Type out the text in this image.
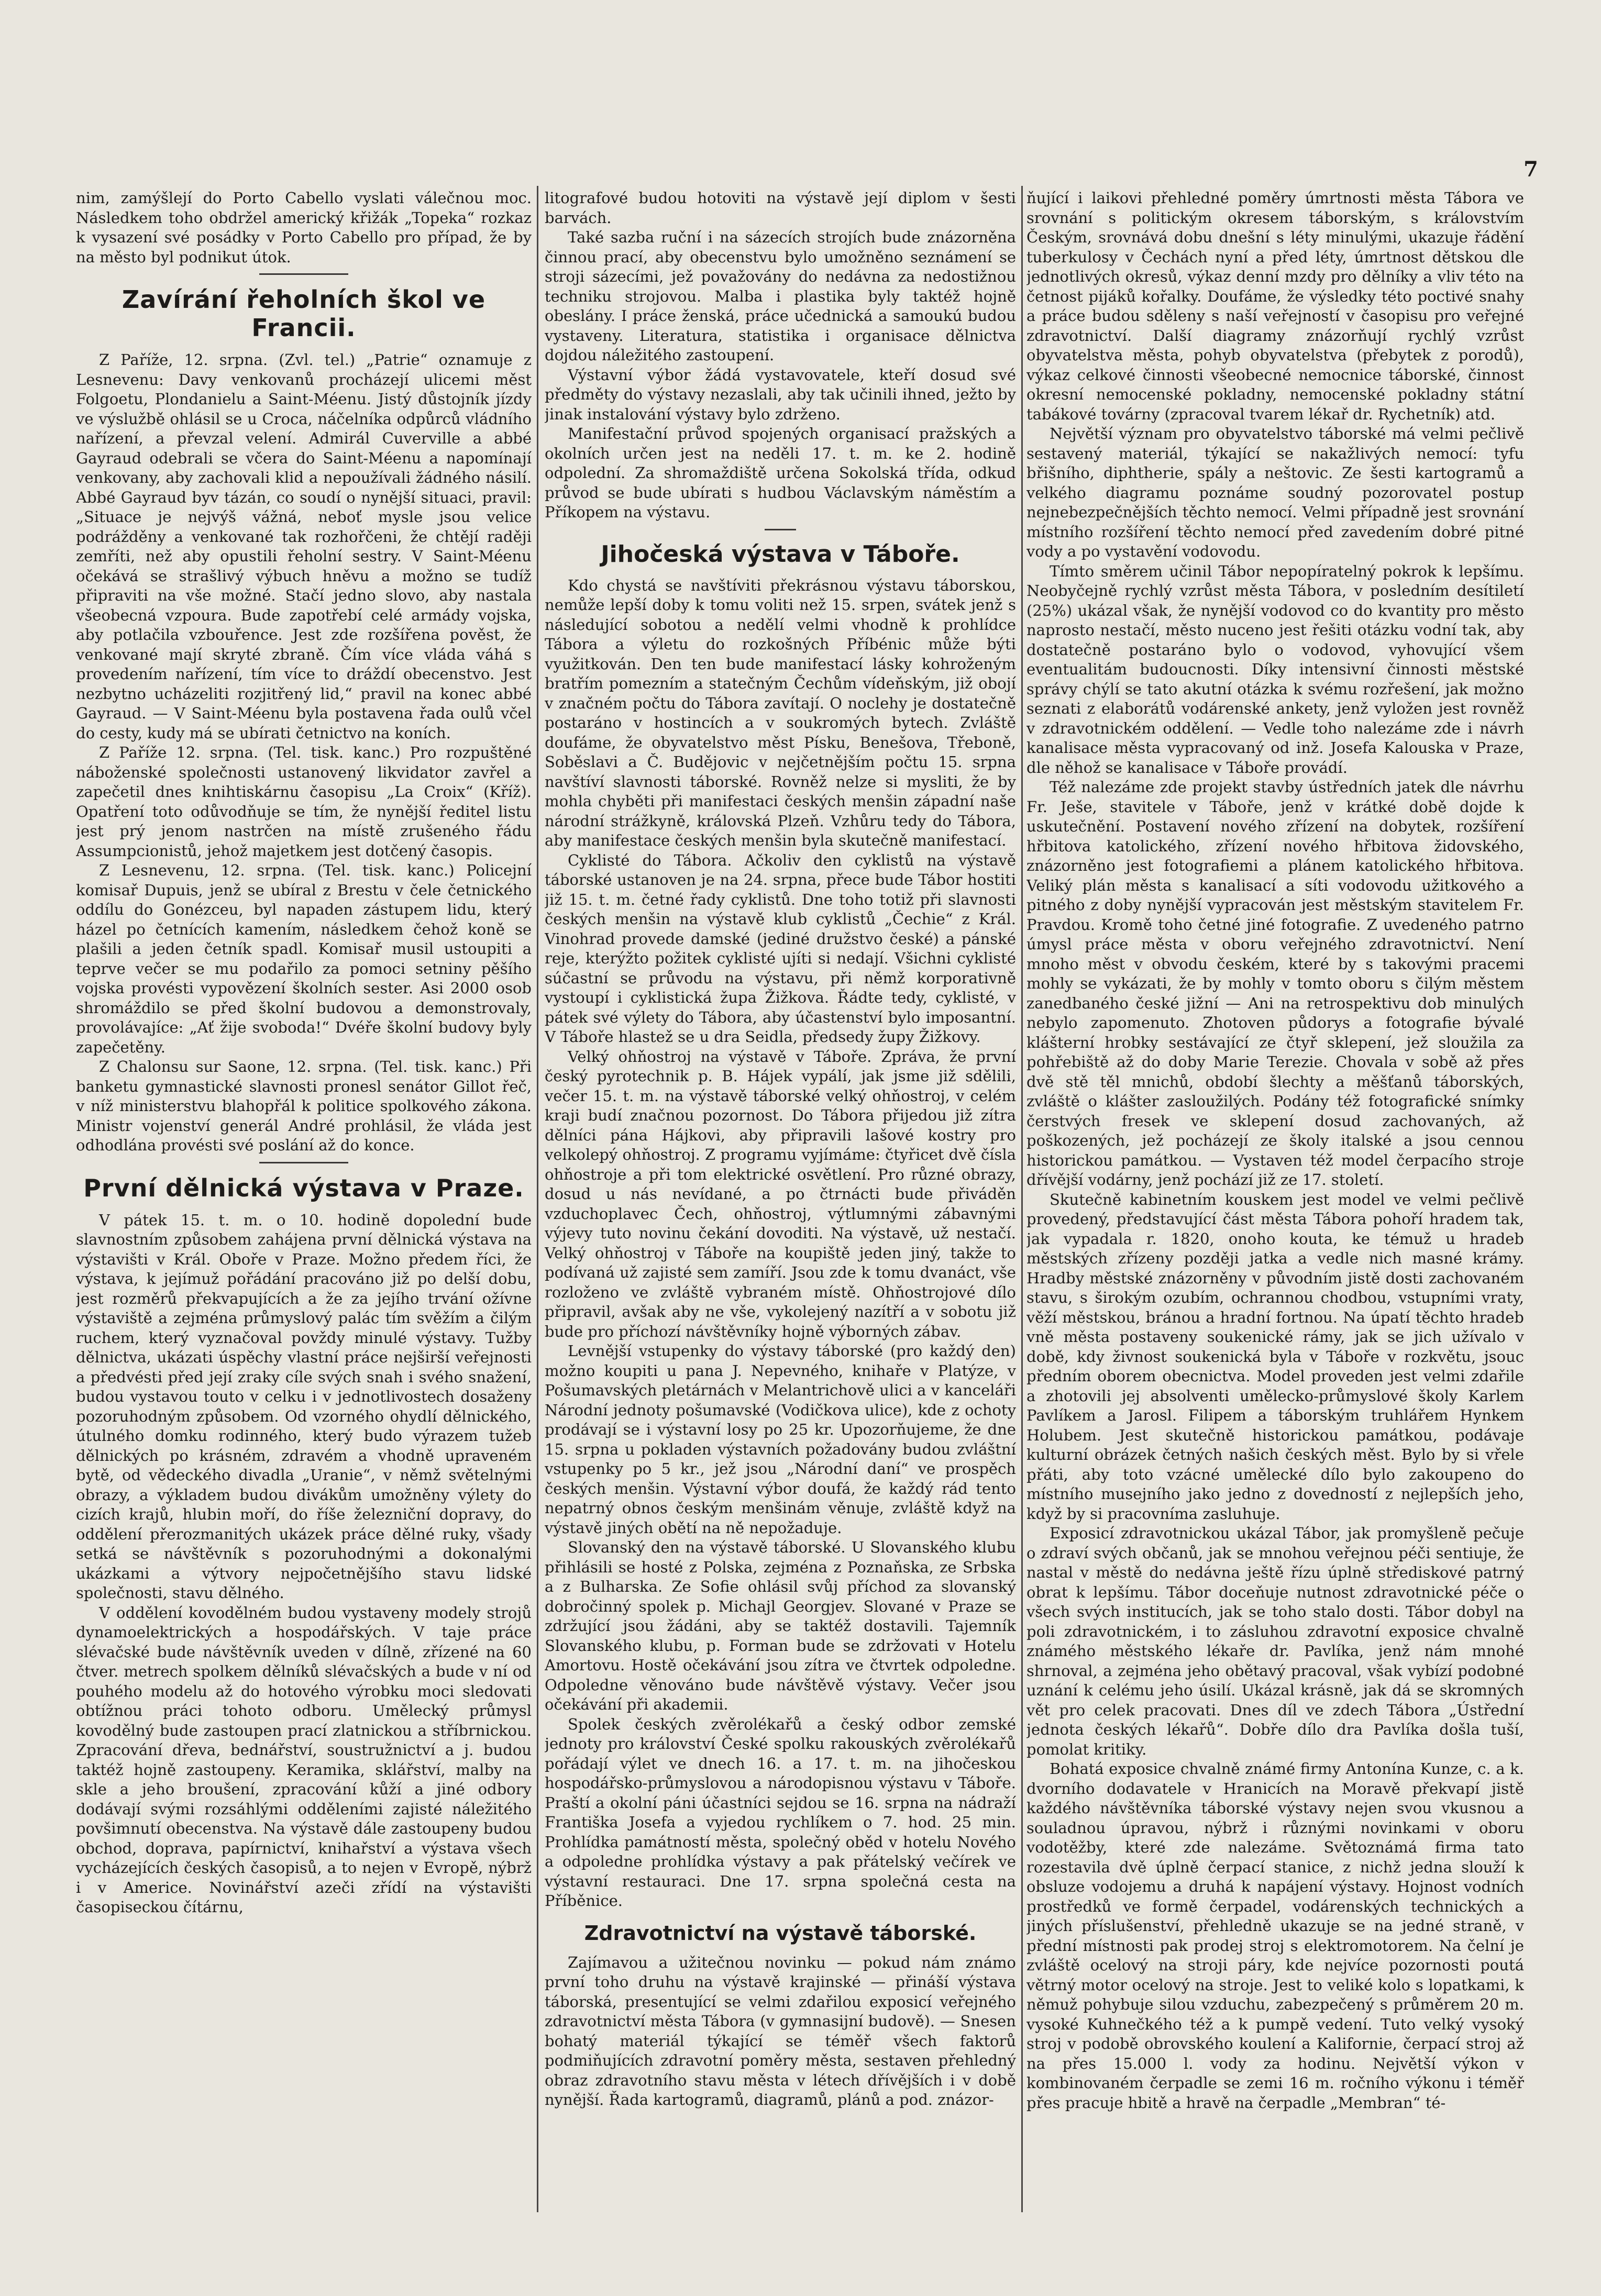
7

nim, zamýšlejí do Porto Cabello vyslati válečnou moc. Následkem toho obdržel americký křižák „Topeka“ rozkaz k vysazení své posádky v Porto Cabello pro případ, že by na město byl podnikut útok.

Zavírání řeholních škol ve Francii.

Z Paříže, 12. srpna. (Zvl. tel.) „Patrie“ oznamuje z Lesnevenu: Davy venkovanů procházejí ulicemi měst Folgoetu, Plondanielu a Saint-Méenu. Jistý důstojník jízdy ve výslužbě ohlásil se u Croca, náčelníka odpůrců vládního nařízení, a převzal velení. Admirál Cuverville a abbé Gayraud odebrali se včera do Saint-Méenu a napomínají venkovany, aby zachovali klid a nepoužívali žádného násilí. Abbé Gayraud byv tázán, co soudí o nynější situaci, pravil: „Situace je nejvýš vážná, neboť mysle jsou velice podrážděny a venkované tak rozhořčeni, že chtějí raději zemříti, než aby opustili řeholní sestry. V Saint-Méenu očekává se strašlivý výbuch hněvu a možno se tudíž připraviti na vše možné. Stačí jedno slovo, aby nastala všeobecná vzpoura. Bude zapotřebí celé armády vojska, aby potlačila vzbouřence. Jest zde rozšířena pověst, že venkované mají skryté zbraně. Čím více vláda váhá s provedením nařízení, tím více to dráždí obecenstvo. Jest nezbytno ucházeliti rozjitřený lid,“ pravil na konec abbé Gayraud. — V Saint-Méenu byla postavena řada oulů včel do cesty, kudy má se ubírati četnictvo na koních.

Z Paříže 12. srpna. (Tel. tisk. kanc.) Pro rozpuštěné náboženské společnosti ustanovený likvidator zavřel a zapečetil dnes knihtiskárnu časopisu „La Croix“ (Kříž). Opatření toto odůvodňuje se tím, že nynější ředitel listu jest prý jenom nastrčen na místě zrušeného řádu Assumpcionistů, jehož majetkem jest dotčený časopis.

Z Lesnevenu, 12. srpna. (Tel. tisk. kanc.) Policejní komisař Dupuis, jenž se ubíral z Brestu v čele četnického oddílu do Gonézceu, byl napaden zástupem lidu, který házel po četnících kamením, následkem čehož koně se plašili a jeden četník spadl. Komisař musil ustoupiti a teprve večer se mu podařilo za pomoci setniny pěšího vojska provésti vypovězení školních sester. Asi 2000 osob shromáždilo se před školní budovou a demonstrovaly, provolávajíce: „Ať žije svoboda!“ Dvéře školní budovy byly zapečetěny.

Z Chalonsu sur Saone, 12. srpna. (Tel. tisk. kanc.) Při banketu gymnastické slavnosti pronesl senátor Gillot řeč, v níž ministerstvu blahopřál k politice spolkového zákona. Ministr vojenství generál André prohlásil, že vláda jest odhodlána provésti své poslání až do konce.

První dělnická výstava v Praze.

V pátek 15. t. m. o 10. hodině dopolední bude slavnostním způsobem zahájena první dělnická výstava na výstavišti v Král. Oboře v Praze. Možno předem říci, že výstava, k jejímuž pořádání pracováno již po delší dobu, jest rozměrů překvapujících a že za jejího trvání ožívne výstaviště a zejména průmyslový palác tím svěžím a čilým ruchem, který vyznačoval povždy minulé výstavy. Tužby dělnictva, ukázati úspěchy vlastní práce nejširší veřejnosti a předvésti před její zraky cíle svých snah i svého snažení, budou vystavou touto v celku i v jednotlivostech dosaženy pozoruhodným způsobem. Od vzorného ohydlí dělnického, útulného domku rodinného, který budo výrazem tužeb dělnických po krásném, zdravém a vhodně upraveném bytě, od vědeckého divadla „Uranie“, v němž světelnými obrazy, a výkladem budou divákům umožněny výlety do cizích krajů, hlubin moří, do říše železniční dopravy, do oddělení přerozmanitých ukázek práce dělné ruky, všady setká se návštěvník s pozoruhodnými a dokonalými ukázkami a výtvory nejpočetnějšího stavu lidské společnosti, stavu dělného.

V oddělení kovodělném budou vystaveny modely strojů dynamoelektrických a hospodářských. V taje práce slévačské bude návštěvník uveden v dílně, zřízené na 60 čtver. metrech spolkem dělníků slévačských a bude v ní od pouhého modelu až do hotového výrobku moci sledovati obtížnou práci tohoto odboru. Umělecký průmysl kovodělný bude zastoupen prací zlatnickou a stříbrnickou. Zpracování dřeva, bednářství, soustružnictví a j. budou taktéž hojně zastoupeny. Keramika, sklářství, malby na skle a jeho broušení, zpracování kůží a jiné odbory dodávají svými rozsáhlými odděleními zajisté náležitého povšimnutí obecenstva. Na výstavě dále zastoupeny budou obchod, doprava, papírnictví, knihařství a výstava všech vycházejících českých časopisů, a to nejen v Evropě, nýbrž i v Americe. Novinářství azeči zřídí na výstavišti časopiseckou čítárnu,

litografové budou hotoviti na výstavě její diplom v šesti barvách.

Také sazba ruční i na sázecích strojích bude znázorněna činnou prací, aby obecenstvu bylo umožněno seznámení se stroji sázecími, jež považovány do nedávna za nedostižnou techniku strojovou. Malba i plastika byly taktéž hojně obeslány. I práce ženská, práce učednická a samoukú budou vystaveny. Literatura, statistika i organisace dělnictva dojdou náležitého zastoupení.

Výstavní výbor žádá vystavovatele, kteří dosud své předměty do výstavy nezaslali, aby tak učinili ihned, ježto by jinak instalování výstavy bylo zdrženo.

Manifestační průvod spojených organisací pražských a okolních určen jest na neděli 17. t. m. ke 2. hodině odpolední. Za shromaždiště určena Sokolská třída, odkud průvod se bude ubírati s hudbou Václavským náměstím a Příkopem na výstavu.

Jihočeská výstava v Táboře.

Kdo chystá se navštíviti překrásnou výstavu táborskou, nemůže lepší doby k tomu voliti než 15. srpen, svátek jenž s následující sobotou a nedělí velmi vhodně k prohlídce Tábora a výletu do rozkošných Příbénic může býti využitkován. Den ten bude manifestací lásky kohroženým bratřím pomezním a statečným Čechům vídeňským, již obojí v značném počtu do Tábora zavítají. O noclehy je dostatečně postaráno v hostincích a v soukromých bytech. Zvláště doufáme, že obyvatelstvo měst Písku, Benešova, Třeboně, Soběslavi a Č. Budějovic v nejčetnějším počtu 15. srpna navštíví slavnosti táborské. Rovněž nelze si mysliti, že by mohla chyběti při manifestaci českých menšin západní naše národní strážkyně, královská Plzeň. Vzhůru tedy do Tábora, aby manifestace českých menšin byla skutečně manifestací.

Cyklisté do Tábora. Ačkoliv den cyklistů na výstavě táborské ustanoven je na 24. srpna, přece bude Tábor hostiti již 15. t. m. četné řady cyklistů. Dne toho totiž při slavnosti českých menšin na výstavě klub cyklistů „Čechie“ z Král. Vinohrad provede damské (jediné družstvo české) a pánské reje, kterýžto požitek cyklisté ujíti si nedají. Všichni cyklisté súčastní se průvodu na výstavu, při němž korporativně vystoupí i cyklistická župa Žižkova. Řádte tedy, cyklisté, v pátek své výlety do Tábora, aby účastenství bylo imposantní. V Táboře hlastež se u dra Seidla, předsedy župy Žižkovy.

Velký ohňostroj na výstavě v Táboře. Zpráva, že první český pyrotechnik p. B. Hájek vypálí, jak jsme již sdělili, večer 15. t. m. na výstavě táborské velký ohňostroj, v celém kraji budí značnou pozornost. Do Tábora přijedou již zítra dělníci pána Hájkovi, aby připravili lašové kostry pro velkolepý ohňostroj. Z programu vyjímáme: čtyřicet dvě čísla ohňostroje a při tom elektrické osvětlení. Pro různé obrazy, dosud u nás nevídané, a po čtrnácti bude přiváděn vzduchoplavec Čech, ohňostroj, výtlumnými zábavnými výjevy tuto novinu čekání dovoditi. Na výstavě, už nestačí. Velký ohňostroj v Táboře na koupiště jeden jiný, takže to podívaná už zajisté sem zamíří. Jsou zde k tomu dvanáct, vše rozloženo ve zvláště vybraném místě. Ohňostrojové dílo připravil, avšak aby ne vše, vykolejený nazítří a v sobotu již bude pro příchozí návštěvníky hojně výborných zábav.

Levnější vstupenky do výstavy táborské (pro každý den) možno koupiti u pana J. Nepevného, knihaře v Platýze, v Pošumavských pletárnách v Melantrichově ulici a v kanceláři Národní jednoty pošumavské (Vodičkova ulice), kde z ochoty prodávají se i výstavní losy po 25 kr. Upozorňujeme, že dne 15. srpna u pokladen výstavních požadovány budou zvláštní vstupenky po 5 kr., jež jsou „Národní daní“ ve prospěch českých menšin. Výstavní výbor doufá, že každý rád tento nepatrný obnos českým menšinám věnuje, zvláště když na výstavě jiných obětí na ně nepožaduje.

Slovanský den na výstavě táborské. U Slovanského klubu přihlásili se hosté z Polska, zejména z Poznaňska, ze Srbska a z Bulharska. Ze Sofie ohlásil svůj příchod za slovanský dobročinný spolek p. Michajl Georgjev. Slované v Praze se zdržující jsou žádáni, aby se taktéž dostavili. Tajemník Slovanského klubu, p. Forman bude se zdržovati v Hotelu Amortovu. Hostě očekávání jsou zítra ve čtvrtek odpoledne. Odpoledne věnováno bude návštěvě výstavy. Večer jsou očekávání při akademii.

Spolek českých zvěrolékařů a český odbor zemské jednoty pro království České spolku rakouských zvěrolékařů pořádají výlet ve dnech 16. a 17. t. m. na jihočeskou hospodářsko-průmyslovou a národopisnou výstavu v Táboře. Praští a okolní páni účastníci sejdou se 16. srpna na nádraží Františka Josefa a vyjedou rychlíkem o 7. hod. 25 min. Prohlídka památností města, společný oběd v hotelu Nového a odpoledne prohlídka výstavy a pak přátelský večírek ve výstavní restauraci. Dne 17. srpna společná cesta na Příběnice.

Zdravotnictví na výstavě táborské.

Zajímavou a užitečnou novinku — pokud nám známo první toho druhu na výstavě krajinské — přináší výstava táborská, presentující se velmi zdařilou exposicí veřejného zdravotnictví města Tábora (v gymnasijní budově). — Snesen bohatý materiál týkající se téměř všech faktorů podmiňujících zdravotní poměry města, sestaven přehledný obraz zdravotního stavu města v létech dřívějších i v době nynější. Řada kartogramů, diagramů, plánů a pod. znázor-

ňující i laikovi přehledné poměry úmrtnosti města Tábora ve srovnání s politickým okresem táborským, s královstvím Českým, srovnává dobu dnešní s léty minulými, ukazuje řádění tuberkulosy v Čechách nyní a před léty, úmrtnost dětskou dle jednotlivých okresů, výkaz denní mzdy pro dělníky a vliv této na četnost pijáků kořalky. Doufáme, že výsledky této poctivé snahy a práce budou sděleny s naší veřejností v časopisu pro veřejné zdravotnictví. Další diagramy znázorňují rychlý vzrůst obyvatelstva města, pohyb obyvatelstva (přebytek z porodů), výkaz celkové činnosti všeobecné nemocnice táborské, činnost okresní nemocenské pokladny, nemocenské pokladny státní tabákové továrny (zpracoval tvarem lékař dr. Rychetník) atd.

Největší význam pro obyvatelstvo táborské má velmi pečlivě sestavený materiál, týkající se nakažlivých nemocí: tyfu břišního, diphtherie, spály a neštovic. Ze šesti kartogramů a velkého diagramu poznáme soudný pozorovatel postup nejnebezpečnějších těchto nemocí. Velmi případně jest srovnání místního rozšíření těchto nemocí před zavedením dobré pitné vody a po vystavění vodovodu.

Tímto směrem učinil Tábor nepopíratelný pokrok k lepšímu. Neobyčejně rychlý vzrůst města Tábora, v posledním desítiletí (25%) ukázal však, že nynější vodovod co do kvantity pro město naprosto nestačí, město nuceno jest řešiti otázku vodní tak, aby dostatečně postaráno bylo o vodovod, vyhovující všem eventualitám budoucnosti. Díky intensivní činnosti městské správy chýlí se tato akutní otázka k svému rozřešení, jak možno seznati z elaborátů vodárenské ankety, jenž vyložen jest rovněž v zdravotnickém oddělení. — Vedle toho nalezáme zde i návrh kanalisace města vypracovaný od inž. Josefa Kalouska v Praze, dle něhož se kanalisace v Táboře provádí.

Též nalezáme zde projekt stavby ústředních jatek dle návrhu Fr. Ješe, stavitele v Táboře, jenž v krátké době dojde k uskutečnění. Postavení nového zřízení na dobytek, rozšíření hřbitova katolického, zřízení nového hřbitova židovského, znázorněno jest fotografiemi a plánem katolického hřbitova. Veliký plán města s kanalisací a síti vodovodu užitkového a pitného z doby nynější vypracován jest městským stavitelem Fr. Pravdou. Kromě toho četné jiné fotografie. Z uvedeného patrno úmysl práce města v oboru veřejného zdravotnictví. Není mnoho měst v obvodu českém, které by s takovými pracemi mohly se vykázati, že by mohly v tomto oboru s čilým městem zanedbaného české jižní — Ani na retrospektivu dob minulých nebylo zapomenuto. Zhotoven půdorys a fotografie bývalé klášterní hrobky sestávající ze čtyř sklepení, jež sloužila za pohřebiště až do doby Marie Terezie. Chovala v sobě až přes dvě stě těl mnichů, období šlechty a měšťanů táborských, zvláště o klášter zasloužilých. Podány též fotografické snímky čerstvých fresek ve sklepení dosud zachovaných, až poškozených, jež pocházejí ze školy italské a jsou cennou historickou památkou. — Vystaven též model čerpacího stroje dřívější vodárny, jenž pochází již ze 17. století.

Skutečně kabinetním kouskem jest model ve velmi pečlivě provedený, představující část města Tábora pohoří hradem tak, jak vypadala r. 1820, onoho kouta, ke témuž u hradeb městských zřízeny později jatka a vedle nich masné krámy. Hradby městské znázorněny v původním jistě dosti zachovaném stavu, s širokým ozubím, ochrannou chodbou, vstupními vraty, věží městskou, bránou a hradní fortnou. Na úpatí těchto hradeb vně města postaveny soukenické rámy, jak se jich užívalo v době, kdy živnost soukenická byla v Táboře v rozkvětu, jsouc předním oborem obecnictva. Model proveden jest velmi zdařile a zhotovili jej absolventi umělecko-průmyslové školy Karlem Pavlíkem a Jarosl. Filipem a táborským truhlářem Hynkem Holubem. Jest skutečně historickou památkou, podávaje kulturní obrázek četných našich českých měst. Bylo by si vřele přáti, aby toto vzácné umělecké dílo bylo zakoupeno do místního musejního jako jedno z dovedností z nejlepších jeho, když by si pracovníma zasluhuje.

Exposicí zdravotnickou ukázal Tábor, jak promyšleně pečuje o zdraví svých občanů, jak se mnohou veřejnou péči sentiuje, že nastal v městě do nedávna ještě řízu úplně střediskové patrný obrat k lepšímu. Tábor doceňuje nutnost zdravotnické péče o všech svých institucích, jak se toho stalo dosti. Tábor dobyl na poli zdravotnickém, i to zásluhou zdravotní exposice chvalně známého městského lékaře dr. Pavlíka, jenž nám mnohé shrnoval, a zejména jeho obětavý pracoval, však vybízí podobné uznání k celému jeho úsilí. Ukázal krásně, jak dá se skromných vět pro celek pracovati. Dnes díl ve zdech Tábora „Ústřední jednota českých lékařů“. Dobře dílo dra Pavlíka došla tuší, pomolat kritiky.

Bohatá exposice chvalně známé firmy Antonína Kunze, c. a k. dvorního dodavatele v Hranicích na Moravě překvapí jistě každého návštěvníka táborské výstavy nejen svou vkusnou a souladnou úpravou, nýbrž i různými novinkami v oboru vodotěžby, které zde nalezáme. Světoznámá firma tato rozestavila dvě úplně čerpací stanice, z nichž jedna slouží k obsluze vodojemu a druhá k napájení výstavy. Hojnost vodních prostředků ve formě čerpadel, vodárenských technických a jiných příslušenství, přehledně ukazuje se na jedné straně, v přední místnosti pak prodej stroj s elektromotorem. Na čelní je zvláště ocelový na stroji páry, kde nejvíce pozornosti poutá větrný motor ocelový na stroje. Jest to veliké kolo s lopatkami, k němuž pohybuje silou vzduchu, zabezpečený s průměrem 20 m. vysoké Kuhnečkého též a k pumpě vedení. Tuto velký vysoký stroj v podobě obrovského koulení a Kalifornie, čerpací stroj až na přes 15.000 l. vody za hodinu. Největší výkon v kombinovaném čerpadle se zemi 16 m. ročního výkonu i téměř přes pracuje hbitě a hravě na čerpadle „Membran“ té-
